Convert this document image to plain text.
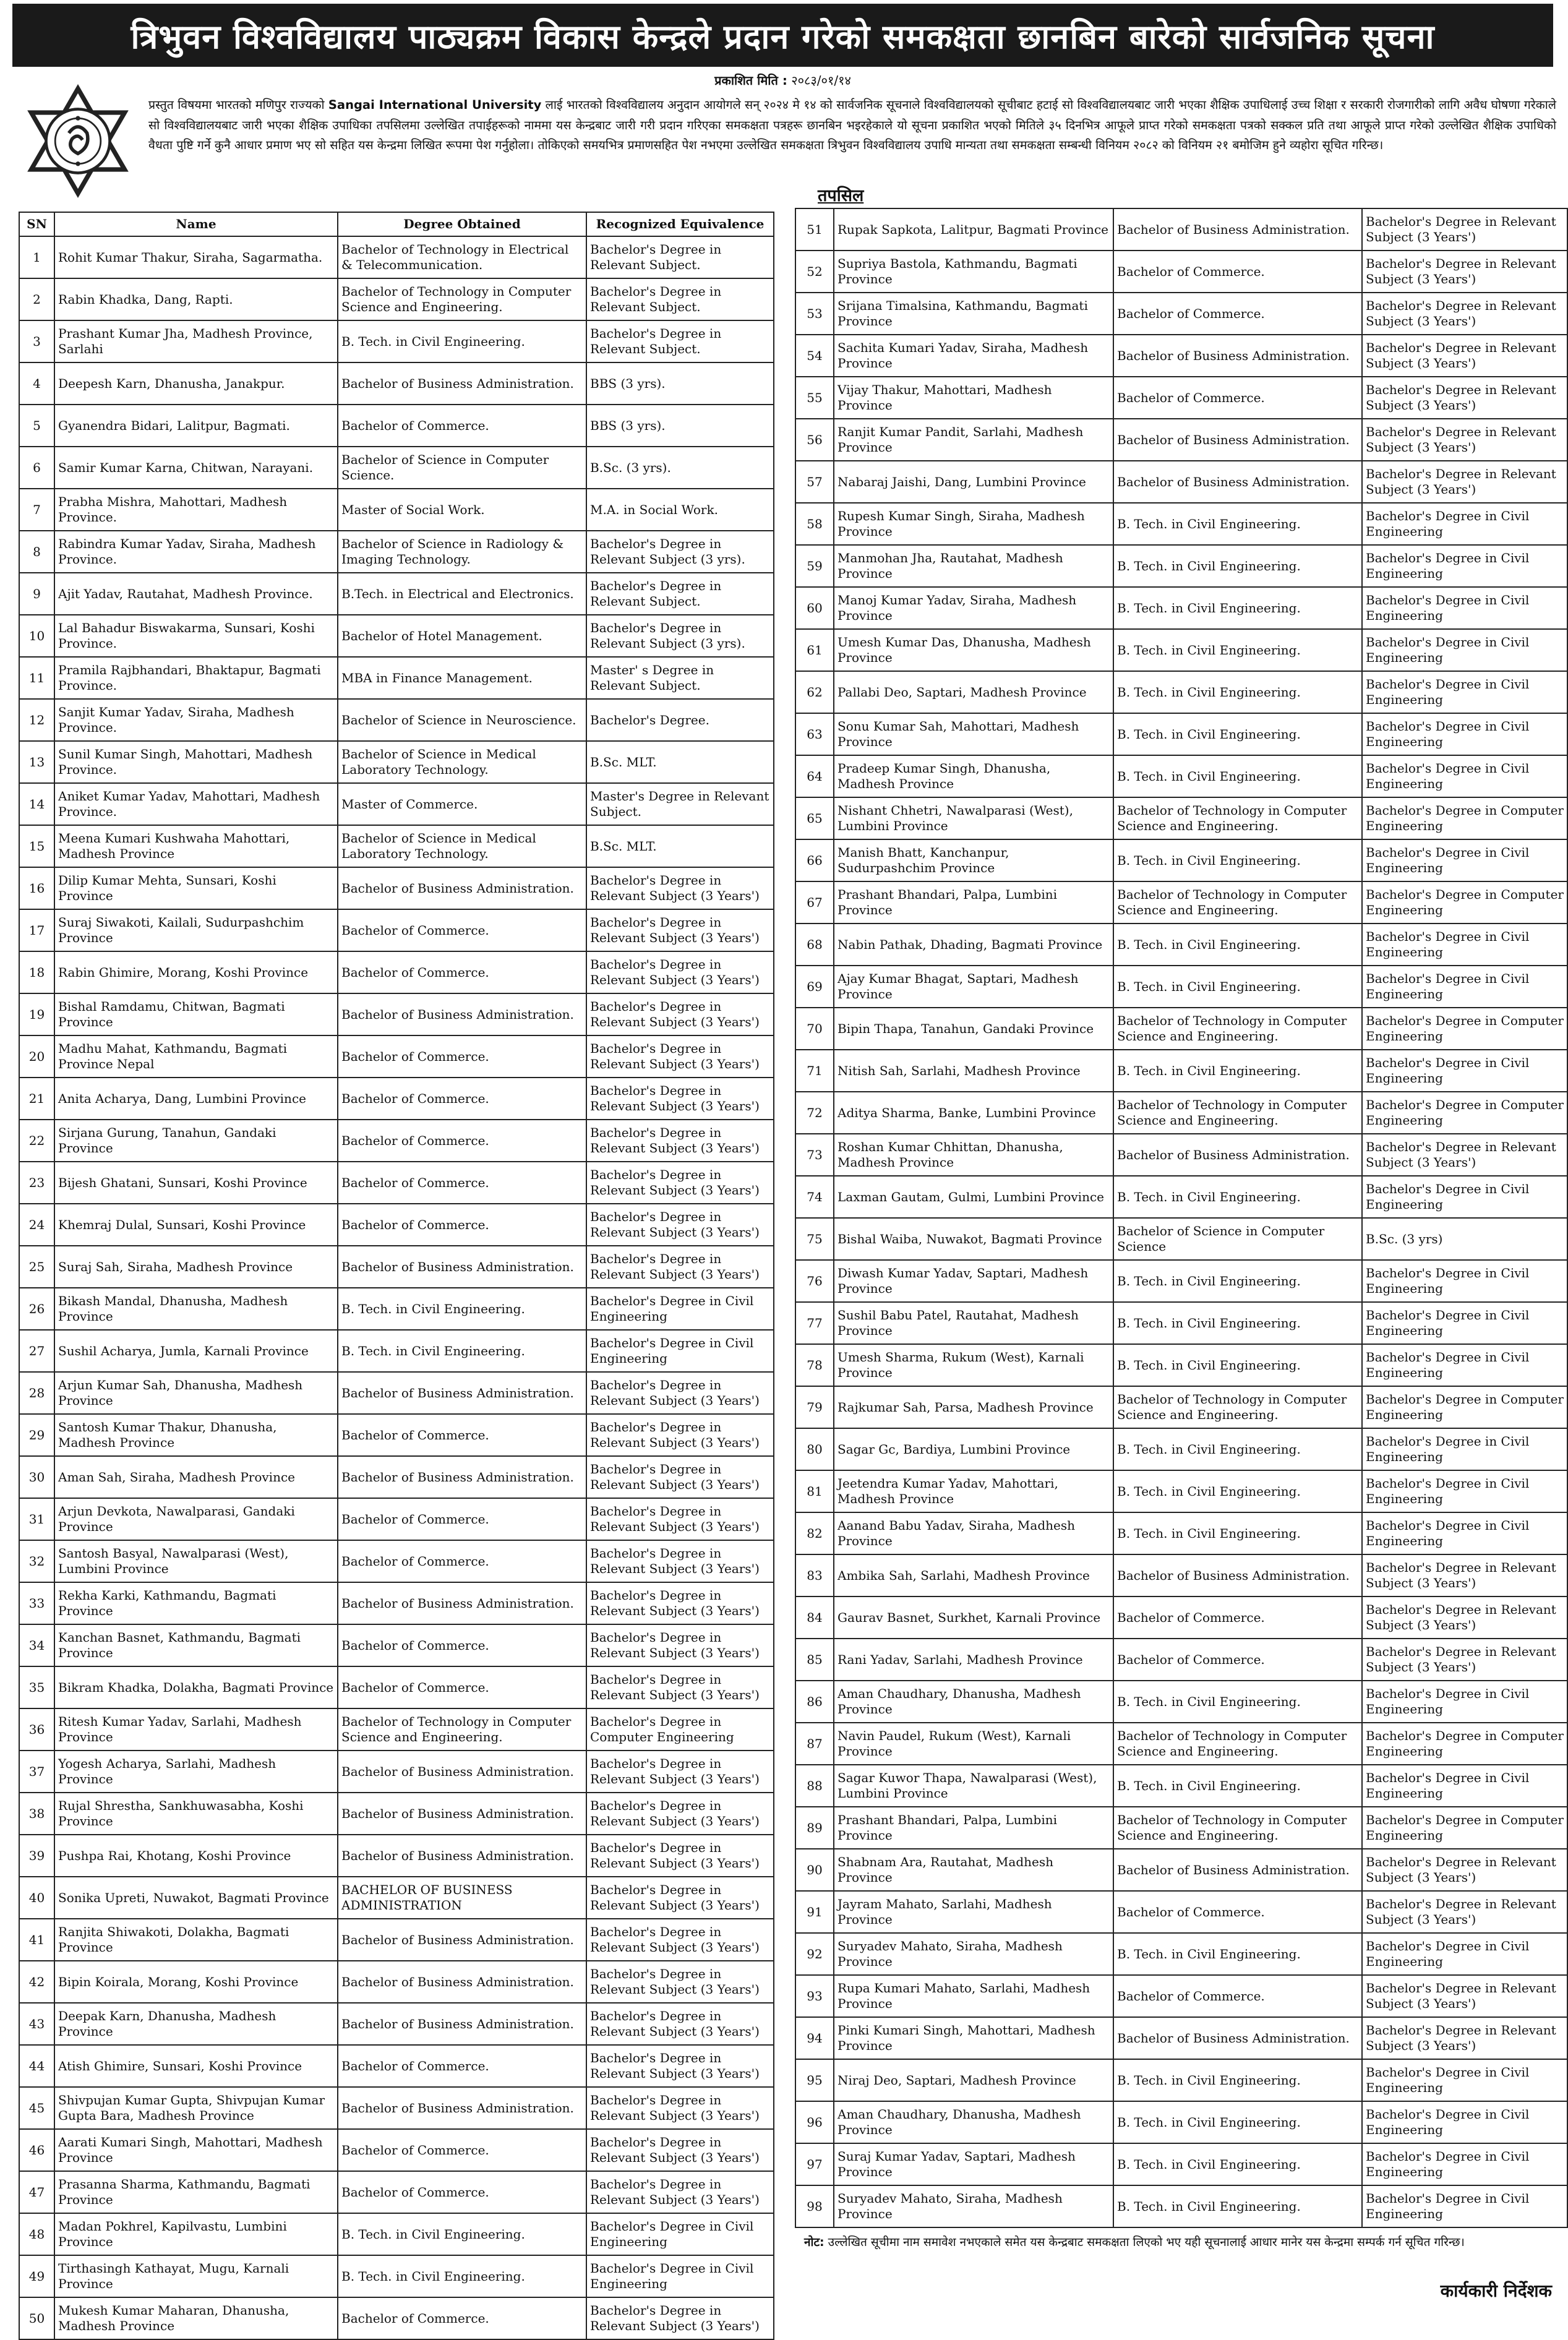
त्रिभुवन विश्वविद्यालय पाठ्यक्रम विकास केन्द्रले प्रदान गरेको समकक्षता छानबिन बारेको सार्वजनिक सूचना
प्रकाशित मिति : २०८३/०१/१४
प्रस्तुत विषयमा भारतको मणिपुर राज्यको Sangai International University लाई भारतको विश्वविद्यालय अनुदान आयोगले सन् २०२४ मे १४ को सार्वजनिक सूचनाले विश्वविद्यालयको सूचीबाट हटाई सो विश्वविद्यालयबाट जारी भएका शैक्षिक उपाधिलाई उच्च शिक्षा र सरकारी रोजगारीको लागि अवैध घोषणा गरेकाले सो विश्वविद्यालयबाट जारी भएका शैक्षिक उपाधिका तपसिलमा उल्लेखित तपाईहरूको नाममा यस केन्द्रबाट जारी गरी प्रदान गरिएका समकक्षता पत्रहरू छानबिन भइरहेकाले यो सूचना प्रकाशित भएको मितिले ३५ दिनभित्र आफूले प्राप्त गरेको समकक्षता पत्रको सक्कल प्रति तथा आफूले प्राप्त गरेको उल्लेखित शैक्षिक उपाधिको वैधता पुष्टि गर्ने कुनै आधार प्रमाण भए सो सहित यस केन्द्रमा लिखित रूपमा पेश गर्नुहोला। तोकिएको समयभित्र प्रमाणसहित पेश नभएमा उल्लेखित समकक्षता त्रिभुवन विश्वविद्यालय उपाधि मान्यता तथा समकक्षता सम्बन्धी विनियम २०८२ को विनियम २१ बमोजिम हुने व्यहोरा सूचित गरिन्छ।
तपसिल
SN	Name	Degree Obtained	Recognized Equivalence
1	Rohit Kumar Thakur, Siraha, Sagarmatha.	Bachelor of Technology in Electrical & Telecommunication.	Bachelor's Degree in Relevant Subject.
2	Rabin Khadka, Dang, Rapti.	Bachelor of Technology in Computer Science and Engineering.	Bachelor's Degree in Relevant Subject.
3	Prashant Kumar Jha, Madhesh Province, Sarlahi	B. Tech. in Civil Engineering.	Bachelor's Degree in Relevant Subject.
4	Deepesh Karn, Dhanusha, Janakpur.	Bachelor of Business Administration.	BBS (3 yrs).
5	Gyanendra Bidari, Lalitpur, Bagmati.	Bachelor of Commerce.	BBS (3 yrs).
6	Samir Kumar Karna, Chitwan, Narayani.	Bachelor of Science in Computer Science.	B.Sc. (3 yrs).
7	Prabha Mishra, Mahottari, Madhesh Province.	Master of Social Work.	M.A. in Social Work.
8	Rabindra Kumar Yadav, Siraha, Madhesh Province.	Bachelor of Science in Radiology & Imaging Technology.	Bachelor's Degree in Relevant Subject (3 yrs).
9	Ajit Yadav, Rautahat, Madhesh Province.	B.Tech. in Electrical and Electronics.	Bachelor's Degree in Relevant Subject.
10	Lal Bahadur Biswakarma, Sunsari, Koshi Province.	Bachelor of Hotel Management.	Bachelor's Degree in Relevant Subject (3 yrs).
11	Pramila Rajbhandari, Bhaktapur, Bagmati Province.	MBA in Finance Management.	Master' s Degree in Relevant Subject.
12	Sanjit Kumar Yadav, Siraha, Madhesh Province.	Bachelor of Science in Neuroscience.	Bachelor's Degree.
13	Sunil Kumar Singh, Mahottari, Madhesh Province.	Bachelor of Science in Medical Laboratory Technology.	B.Sc. MLT.
14	Aniket Kumar Yadav, Mahottari, Madhesh Province.	Master of Commerce.	Master's Degree in Relevant Subject.
15	Meena Kumari Kushwaha Mahottari, Madhesh Province	Bachelor of Science in Medical Laboratory Technology.	B.Sc. MLT.
16	Dilip Kumar Mehta, Sunsari, Koshi Province	Bachelor of Business Administration.	Bachelor's Degree in Relevant Subject (3 Years')
17	Suraj Siwakoti, Kailali, Sudurpashchim Province	Bachelor of Commerce.	Bachelor's Degree in Relevant Subject (3 Years')
18	Rabin Ghimire, Morang, Koshi Province	Bachelor of Commerce.	Bachelor's Degree in Relevant Subject (3 Years')
19	Bishal Ramdamu, Chitwan, Bagmati Province	Bachelor of Business Administration.	Bachelor's Degree in Relevant Subject (3 Years')
20	Madhu Mahat, Kathmandu, Bagmati Province Nepal	Bachelor of Commerce.	Bachelor's Degree in Relevant Subject (3 Years')
21	Anita Acharya, Dang, Lumbini Province	Bachelor of Commerce.	Bachelor's Degree in Relevant Subject (3 Years')
22	Sirjana Gurung, Tanahun, Gandaki Province	Bachelor of Commerce.	Bachelor's Degree in Relevant Subject (3 Years')
23	Bijesh Ghatani, Sunsari, Koshi Province	Bachelor of Commerce.	Bachelor's Degree in Relevant Subject (3 Years')
24	Khemraj Dulal, Sunsari, Koshi Province	Bachelor of Commerce.	Bachelor's Degree in Relevant Subject (3 Years')
25	Suraj Sah, Siraha, Madhesh Province	Bachelor of Business Administration.	Bachelor's Degree in Relevant Subject (3 Years')
26	Bikash Mandal, Dhanusha, Madhesh Province	B. Tech. in Civil Engineering.	Bachelor's Degree in Civil Engineering
27	Sushil Acharya, Jumla, Karnali Province	B. Tech. in Civil Engineering.	Bachelor's Degree in Civil Engineering
28	Arjun Kumar Sah, Dhanusha, Madhesh Province	Bachelor of Business Administration.	Bachelor's Degree in Relevant Subject (3 Years')
29	Santosh Kumar Thakur, Dhanusha, Madhesh Province	Bachelor of Commerce.	Bachelor's Degree in Relevant Subject (3 Years')
30	Aman Sah, Siraha, Madhesh Province	Bachelor of Business Administration.	Bachelor's Degree in Relevant Subject (3 Years')
31	Arjun Devkota, Nawalparasi, Gandaki Province	Bachelor of Commerce.	Bachelor's Degree in Relevant Subject (3 Years')
32	Santosh Basyal, Nawalparasi (West), Lumbini Province	Bachelor of Commerce.	Bachelor's Degree in Relevant Subject (3 Years')
33	Rekha Karki, Kathmandu, Bagmati Province	Bachelor of Business Administration.	Bachelor's Degree in Relevant Subject (3 Years')
34	Kanchan Basnet, Kathmandu, Bagmati Province	Bachelor of Commerce.	Bachelor's Degree in Relevant Subject (3 Years')
35	Bikram Khadka, Dolakha, Bagmati Province	Bachelor of Commerce.	Bachelor's Degree in Relevant Subject (3 Years')
36	Ritesh Kumar Yadav, Sarlahi, Madhesh Province	Bachelor of Technology in Computer Science and Engineering.	Bachelor's Degree in Computer Engineering
37	Yogesh Acharya, Sarlahi, Madhesh Province	Bachelor of Business Administration.	Bachelor's Degree in Relevant Subject (3 Years')
38	Rujal Shrestha, Sankhuwasabha, Koshi Province	Bachelor of Business Administration.	Bachelor's Degree in Relevant Subject (3 Years')
39	Pushpa Rai, Khotang, Koshi Province	Bachelor of Business Administration.	Bachelor's Degree in Relevant Subject (3 Years')
40	Sonika Upreti, Nuwakot, Bagmati Province	BACHELOR OF BUSINESS ADMINISTRATION	Bachelor's Degree in Relevant Subject (3 Years')
41	Ranjita Shiwakoti, Dolakha, Bagmati Province	Bachelor of Business Administration.	Bachelor's Degree in Relevant Subject (3 Years')
42	Bipin Koirala, Morang, Koshi Province	Bachelor of Business Administration.	Bachelor's Degree in Relevant Subject (3 Years')
43	Deepak Karn, Dhanusha, Madhesh Province	Bachelor of Business Administration.	Bachelor's Degree in Relevant Subject (3 Years')
44	Atish Ghimire, Sunsari, Koshi Province	Bachelor of Commerce.	Bachelor's Degree in Relevant Subject (3 Years')
45	Shivpujan Kumar Gupta, Shivpujan Kumar Gupta Bara, Madhesh Province	Bachelor of Business Administration.	Bachelor's Degree in Relevant Subject (3 Years')
46	Aarati Kumari Singh, Mahottari, Madhesh Province	Bachelor of Commerce.	Bachelor's Degree in Relevant Subject (3 Years')
47	Prasanna Sharma, Kathmandu, Bagmati Province	Bachelor of Commerce.	Bachelor's Degree in Relevant Subject (3 Years')
48	Madan Pokhrel, Kapilvastu, Lumbini Province	B. Tech. in Civil Engineering.	Bachelor's Degree in Civil Engineering
49	Tirthasingh Kathayat, Mugu, Karnali Province	B. Tech. in Civil Engineering.	Bachelor's Degree in Civil Engineering
50	Mukesh Kumar Maharan, Dhanusha, Madhesh Province	Bachelor of Commerce.	Bachelor's Degree in Relevant Subject (3 Years')
51	Rupak Sapkota, Lalitpur, Bagmati Province	Bachelor of Business Administration.	Bachelor's Degree in Relevant Subject (3 Years')
52	Supriya Bastola, Kathmandu, Bagmati Province	Bachelor of Commerce.	Bachelor's Degree in Relevant Subject (3 Years')
53	Srijana Timalsina, Kathmandu, Bagmati Province	Bachelor of Commerce.	Bachelor's Degree in Relevant Subject (3 Years')
54	Sachita Kumari Yadav, Siraha, Madhesh Province	Bachelor of Business Administration.	Bachelor's Degree in Relevant Subject (3 Years')
55	Vijay Thakur, Mahottari, Madhesh Province	Bachelor of Commerce.	Bachelor's Degree in Relevant Subject (3 Years')
56	Ranjit Kumar Pandit, Sarlahi, Madhesh Province	Bachelor of Business Administration.	Bachelor's Degree in Relevant Subject (3 Years')
57	Nabaraj Jaishi, Dang, Lumbini Province	Bachelor of Business Administration.	Bachelor's Degree in Relevant Subject (3 Years')
58	Rupesh Kumar Singh, Siraha, Madhesh Province	B. Tech. in Civil Engineering.	Bachelor's Degree in Civil Engineering
59	Manmohan Jha, Rautahat, Madhesh Province	B. Tech. in Civil Engineering.	Bachelor's Degree in Civil Engineering
60	Manoj Kumar Yadav, Siraha, Madhesh Province	B. Tech. in Civil Engineering.	Bachelor's Degree in Civil Engineering
61	Umesh Kumar Das, Dhanusha, Madhesh Province	B. Tech. in Civil Engineering.	Bachelor's Degree in Civil Engineering
62	Pallabi Deo, Saptari, Madhesh Province	B. Tech. in Civil Engineering.	Bachelor's Degree in Civil Engineering
63	Sonu Kumar Sah, Mahottari, Madhesh Province	B. Tech. in Civil Engineering.	Bachelor's Degree in Civil Engineering
64	Pradeep Kumar Singh, Dhanusha, Madhesh Province	B. Tech. in Civil Engineering.	Bachelor's Degree in Civil Engineering
65	Nishant Chhetri, Nawalparasi (West), Lumbini Province	Bachelor of Technology in Computer Science and Engineering.	Bachelor's Degree in Computer Engineering
66	Manish Bhatt, Kanchanpur, Sudurpashchim Province	B. Tech. in Civil Engineering.	Bachelor's Degree in Civil Engineering
67	Prashant Bhandari, Palpa, Lumbini Province	Bachelor of Technology in Computer Science and Engineering.	Bachelor's Degree in Computer Engineering
68	Nabin Pathak, Dhading, Bagmati Province	B. Tech. in Civil Engineering.	Bachelor's Degree in Civil Engineering
69	Ajay Kumar Bhagat, Saptari, Madhesh Province	B. Tech. in Civil Engineering.	Bachelor's Degree in Civil Engineering
70	Bipin Thapa, Tanahun, Gandaki Province	Bachelor of Technology in Computer Science and Engineering.	Bachelor's Degree in Computer Engineering
71	Nitish Sah, Sarlahi, Madhesh Province	B. Tech. in Civil Engineering.	Bachelor's Degree in Civil Engineering
72	Aditya Sharma, Banke, Lumbini Province	Bachelor of Technology in Computer Science and Engineering.	Bachelor's Degree in Computer Engineering
73	Roshan Kumar Chhittan, Dhanusha, Madhesh Province	Bachelor of Business Administration.	Bachelor's Degree in Relevant Subject (3 Years')
74	Laxman Gautam, Gulmi, Lumbini Province	B. Tech. in Civil Engineering.	Bachelor's Degree in Civil Engineering
75	Bishal Waiba, Nuwakot, Bagmati Province	Bachelor of Science in Computer Science	B.Sc. (3 yrs)
76	Diwash Kumar Yadav, Saptari, Madhesh Province	B. Tech. in Civil Engineering.	Bachelor's Degree in Civil Engineering
77	Sushil Babu Patel, Rautahat, Madhesh Province	B. Tech. in Civil Engineering.	Bachelor's Degree in Civil Engineering
78	Umesh Sharma, Rukum (West), Karnali Province	B. Tech. in Civil Engineering.	Bachelor's Degree in Civil Engineering
79	Rajkumar Sah, Parsa, Madhesh Province	Bachelor of Technology in Computer Science and Engineering.	Bachelor's Degree in Computer Engineering
80	Sagar Gc, Bardiya, Lumbini Province	B. Tech. in Civil Engineering.	Bachelor's Degree in Civil Engineering
81	Jeetendra Kumar Yadav, Mahottari, Madhesh Province	B. Tech. in Civil Engineering.	Bachelor's Degree in Civil Engineering
82	Aanand Babu Yadav, Siraha, Madhesh Province	B. Tech. in Civil Engineering.	Bachelor's Degree in Civil Engineering
83	Ambika Sah, Sarlahi, Madhesh Province	Bachelor of Business Administration.	Bachelor's Degree in Relevant Subject (3 Years')
84	Gaurav Basnet, Surkhet, Karnali Province	Bachelor of Commerce.	Bachelor's Degree in Relevant Subject (3 Years')
85	Rani Yadav, Sarlahi, Madhesh Province	Bachelor of Commerce.	Bachelor's Degree in Relevant Subject (3 Years')
86	Aman Chaudhary, Dhanusha, Madhesh Province	B. Tech. in Civil Engineering.	Bachelor's Degree in Civil Engineering
87	Navin Paudel, Rukum (West), Karnali Province	Bachelor of Technology in Computer Science and Engineering.	Bachelor's Degree in Computer Engineering
88	Sagar Kuwor Thapa, Nawalparasi (West), Lumbini Province	B. Tech. in Civil Engineering.	Bachelor's Degree in Civil Engineering
89	Prashant Bhandari, Palpa, Lumbini Province	Bachelor of Technology in Computer Science and Engineering.	Bachelor's Degree in Computer Engineering
90	Shabnam Ara, Rautahat, Madhesh Province	Bachelor of Business Administration.	Bachelor's Degree in Relevant Subject (3 Years')
91	Jayram Mahato, Sarlahi, Madhesh Province	Bachelor of Commerce.	Bachelor's Degree in Relevant Subject (3 Years')
92	Suryadev Mahato, Siraha, Madhesh Province	B. Tech. in Civil Engineering.	Bachelor's Degree in Civil Engineering
93	Rupa Kumari Mahato, Sarlahi, Madhesh Province	Bachelor of Commerce.	Bachelor's Degree in Relevant Subject (3 Years')
94	Pinki Kumari Singh, Mahottari, Madhesh Province	Bachelor of Business Administration.	Bachelor's Degree in Relevant Subject (3 Years')
95	Niraj Deo, Saptari, Madhesh Province	B. Tech. in Civil Engineering.	Bachelor's Degree in Civil Engineering
96	Aman Chaudhary, Dhanusha, Madhesh Province	B. Tech. in Civil Engineering.	Bachelor's Degree in Civil Engineering
97	Suraj Kumar Yadav, Saptari, Madhesh Province	B. Tech. in Civil Engineering.	Bachelor's Degree in Civil Engineering
98	Suryadev Mahato, Siraha, Madhesh Province	B. Tech. in Civil Engineering.	Bachelor's Degree in Civil Engineering
नोट: उल्लेखित सूचीमा नाम समावेश नभएकाले समेत यस केन्द्रबाट समकक्षता लिएको भए यही सूचनालाई आधार मानेर यस केन्द्रमा सम्पर्क गर्न सूचित गरिन्छ।
कार्यकारी निर्देशक
